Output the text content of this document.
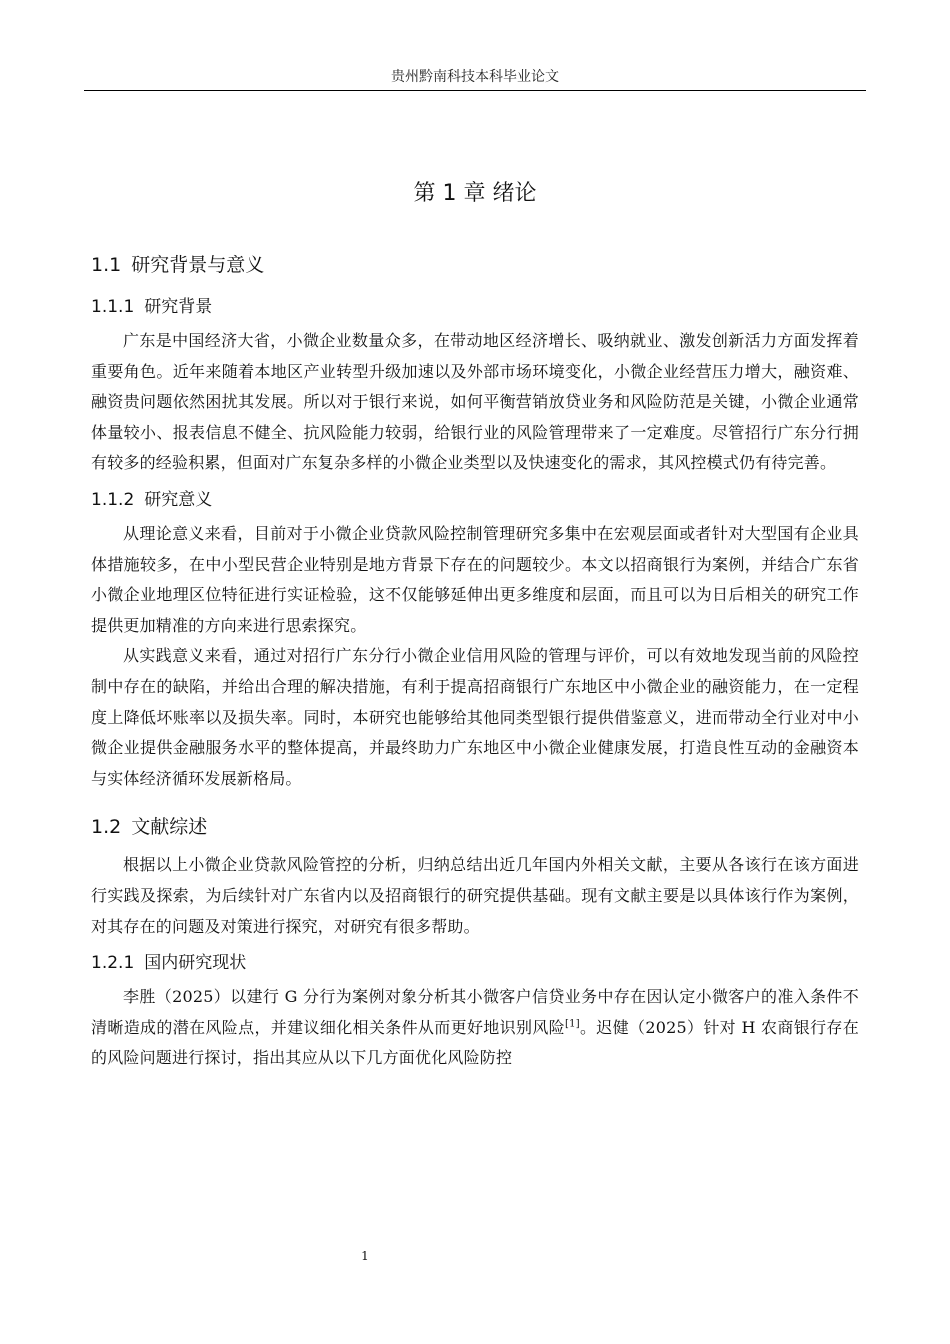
贵州黔南科技本科毕业论文
第 1 章 绪论
1.1 研究背景与意义
1.1.1 研究背景

广东是中国经济大省，小微企业数量众多，在带动地区经济增长、吸纳就业、激发创新活力方面发挥着重要角色。近年来随着本地区产业转型升级加速以及外部市场环境变化，小微企业经营压力增大，融资难、融资贵问题依然困扰其发展。所以对于银行来说，如何平衡营销放贷业务和风险防范是关键，小微企业通常体量较小、报表信息不健全、抗风险能力较弱，给银行业的风险管理带来了一定难度。尽管招行广东分行拥有较多的经验积累，但面对广东复杂多样的小微企业类型以及快速变化的需求，其风控模式仍有待完善。

1.1.2 研究意义

从理论意义来看，目前对于小微企业贷款风险控制管理研究多集中在宏观层面或者针对大型国有企业具体措施较多，在中小型民营企业特别是地方背景下存在的问题较少。本文以招商银行为案例，并结合广东省小微企业地理区位特征进行实证检验，这不仅能够延伸出更多维度和层面，而且可以为日后相关的研究工作提供更加精准的方向来进行思索探究。

从实践意义来看，通过对招行广东分行小微企业信用风险的管理与评价，可以有效地发现当前的风险控制中存在的缺陷，并给出合理的解决措施，有利于提高招商银行广东地区中小微企业的融资能力，在一定程度上降低坏账率以及损失率。同时，本研究也能够给其他同类型银行提供借鉴意义，进而带动全行业对中小微企业提供金融服务水平的整体提高，并最终助力广东地区中小微企业健康发展，打造良性互动的金融资本与实体经济循环发展新格局。

1.2 文献综述

根据以上小微企业贷款风险管控的分析，归纳总结出近几年国内外相关文献，主要从各该行在该方面进行实践及探索，为后续针对广东省内以及招商银行的研究提供基础。现有文献主要是以具体该行作为案例，对其存在的问题及对策进行探究，对研究有很多帮助。

1.2.1 国内研究现状

李胜（2025）以建行 G 分行为案例对象分析其小微客户信贷业务中存在因认定小微客户的准入条件不清晰造成的潜在风险点，并建议细化相关条件从而更好地识别风险[1]。迟健（2025）针对 H 农商银行存在的风险问题进行探讨，指出其应从以下几方面优化风险防控

1
